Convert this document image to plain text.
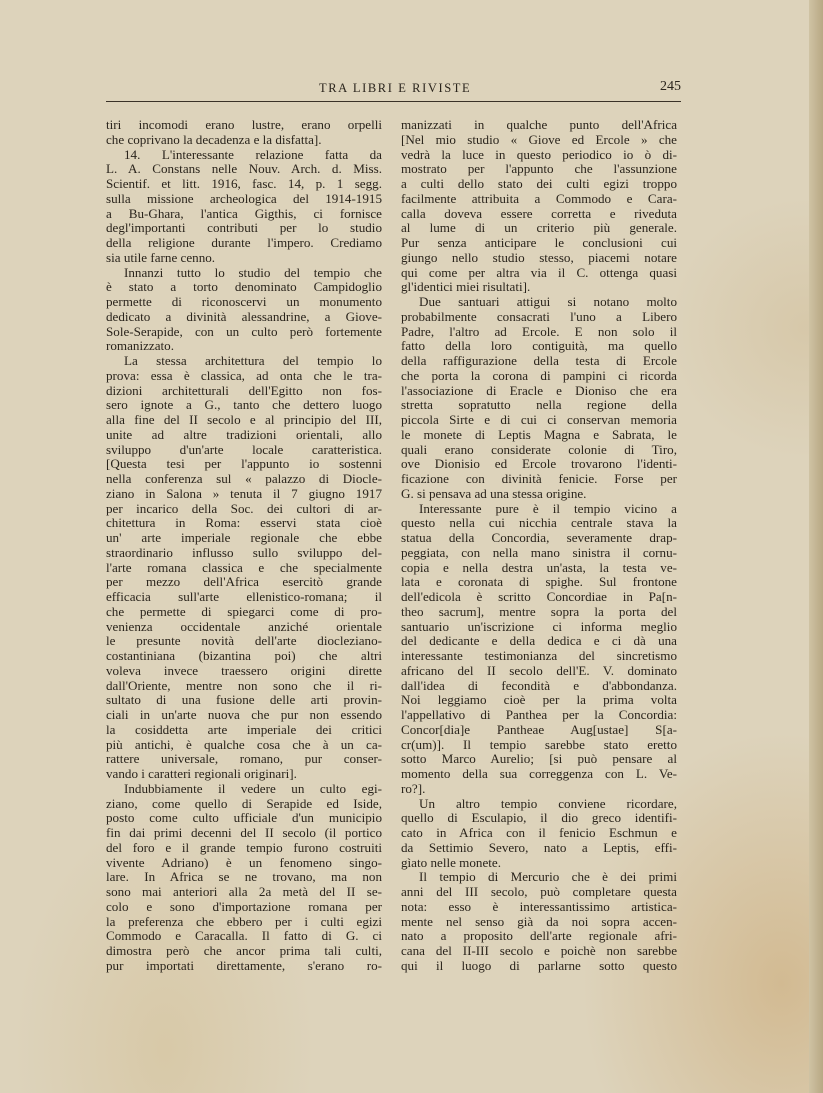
TRA LIBRI E RIVISTE	245
tiri incomodi erano lustre, erano orpelli
che coprivano la decadenza e la disfatta].
14. L'interessante relazione fatta da
L. A. Constans nelle Nouv. Arch. d. Miss.
Scientif. et litt. 1916, fasc. 14, p. 1 segg.
sulla missione archeologica del 1914-1915
a Bu-Ghara, l'antica Gigthis, ci fornisce
degl'importanti contributi per lo studio
della religione durante l'impero. Crediamo
sia utile farne cenno.
Innanzi tutto lo studio del tempio che
è stato a torto denominato Campidoglio
permette di riconoscervi un monumento
dedicato a divinità alessandrine, a Giove-
Sole-Serapide, con un culto però fortemente
romanizzato.
La stessa architettura del tempio lo
prova: essa è classica, ad onta che le tra-
dizioni architetturali dell'Egitto non fos-
sero ignote a G., tanto che dettero luogo
alla fine del II secolo e al principio del III,
unite ad altre tradizioni orientali, allo
sviluppo d'un'arte locale caratteristica.
[Questa tesi per l'appunto io sostenni
nella conferenza sul « palazzo di Diocle-
ziano in Salona » tenuta il 7 giugno 1917
per incarico della Soc. dei cultori di ar-
chitettura in Roma: esservi stata cioè
un' arte imperiale regionale che ebbe
straordinario influsso sullo sviluppo del-
l'arte romana classica e che specialmente
per mezzo dell'Africa esercitò grande
efficacia sull'arte ellenistico-romana; il
che permette di spiegarci come di pro-
venienza occidentale anziché orientale
le presunte novità dell'arte diocleziano-
costantiniana (bizantina poi) che altri
voleva invece traessero origini dirette
dall'Oriente, mentre non sono che il ri-
sultato di una fusione delle arti provin-
ciali in un'arte nuova che pur non essendo
la cosiddetta arte imperiale dei critici
più antichi, è qualche cosa che à un ca-
rattere universale, romano, pur conser-
vando i caratteri regionali originari].
Indubbiamente il vedere un culto egi-
ziano, come quello di Serapide ed Iside,
posto come culto ufficiale d'un municipio
fin dai primi decenni del II secolo (il portico
del foro e il grande tempio furono costruiti
vivente Adriano) è un fenomeno singo-
lare. In Africa se ne trovano, ma non
sono mai anteriori alla 2a metà del II se-
colo e sono d'importazione romana per
la preferenza che ebbero per i culti egizi
Commodo e Caracalla. Il fatto di G. ci
dimostra però che ancor prima tali culti,
pur importati direttamente, s'erano ro-
manizzati in qualche punto dell'Africa
[Nel mio studio « Giove ed Ercole » che
vedrà la luce in questo periodico io ò di-
mostrato per l'appunto che l'assunzione
a culti dello stato dei culti egizi troppo
facilmente attribuita a Commodo e Cara-
calla doveva essere corretta e riveduta
al lume di un criterio più generale.
Pur senza anticipare le conclusioni cui
giungo nello studio stesso, piacemi notare
qui come per altra via il C. ottenga quasi
gl'identici miei risultati].
Due santuari attigui si notano molto
probabilmente consacrati l'uno a Libero
Padre, l'altro ad Ercole. E non solo il
fatto della loro contiguità, ma quello
della raffigurazione della testa di Ercole
che porta la corona di pampini ci ricorda
l'associazione di Eracle e Dioniso che era
stretta sopratutto nella regione della
piccola Sirte e di cui ci conservan memoria
le monete di Leptis Magna e Sabrata, le
quali erano considerate colonie di Tiro,
ove Dionisio ed Ercole trovarono l'identi-
ficazione con divinità fenicie. Forse per
G. si pensava ad una stessa origine.
Interessante pure è il tempio vicino a
questo nella cui nicchia centrale stava la
statua della Concordia, severamente drap-
peggiata, con nella mano sinistra il cornu-
copia e nella destra un'asta, la testa ve-
lata e coronata di spighe. Sul frontone
dell'edicola è scritto Concordiae in Pa[n-
theo sacrum], mentre sopra la porta del
santuario un'iscrizione ci informa meglio
del dedicante e della dedica e ci dà una
interessante testimonianza del sincretismo
africano del II secolo dell'E. V. dominato
dall'idea di fecondità e d'abbondanza.
Noi leggiamo cioè per la prima volta
l'appellativo di Panthea per la Concordia:
Concor[dia]e Pantheae Aug[ustae] S[a-
cr(um)]. Il tempio sarebbe stato eretto
sotto Marco Aurelio; [si può pensare al
momento della sua correggenza con L. Ve-
ro?].
Un altro tempio conviene ricordare,
quello di Esculapio, il dio greco identifi-
cato in Africa con il fenicio Eschmun e
da Settimio Severo, nato a Leptis, effi-
gìato nelle monete.
Il tempio di Mercurio che è dei primi
anni del III secolo, può completare questa
nota: esso è interessantissimo artistica-
mente nel senso già da noi sopra accen-
nato a proposito dell'arte regionale afri-
cana del II-III secolo e poichè non sarebbe
qui il luogo di parlarne sotto questo
